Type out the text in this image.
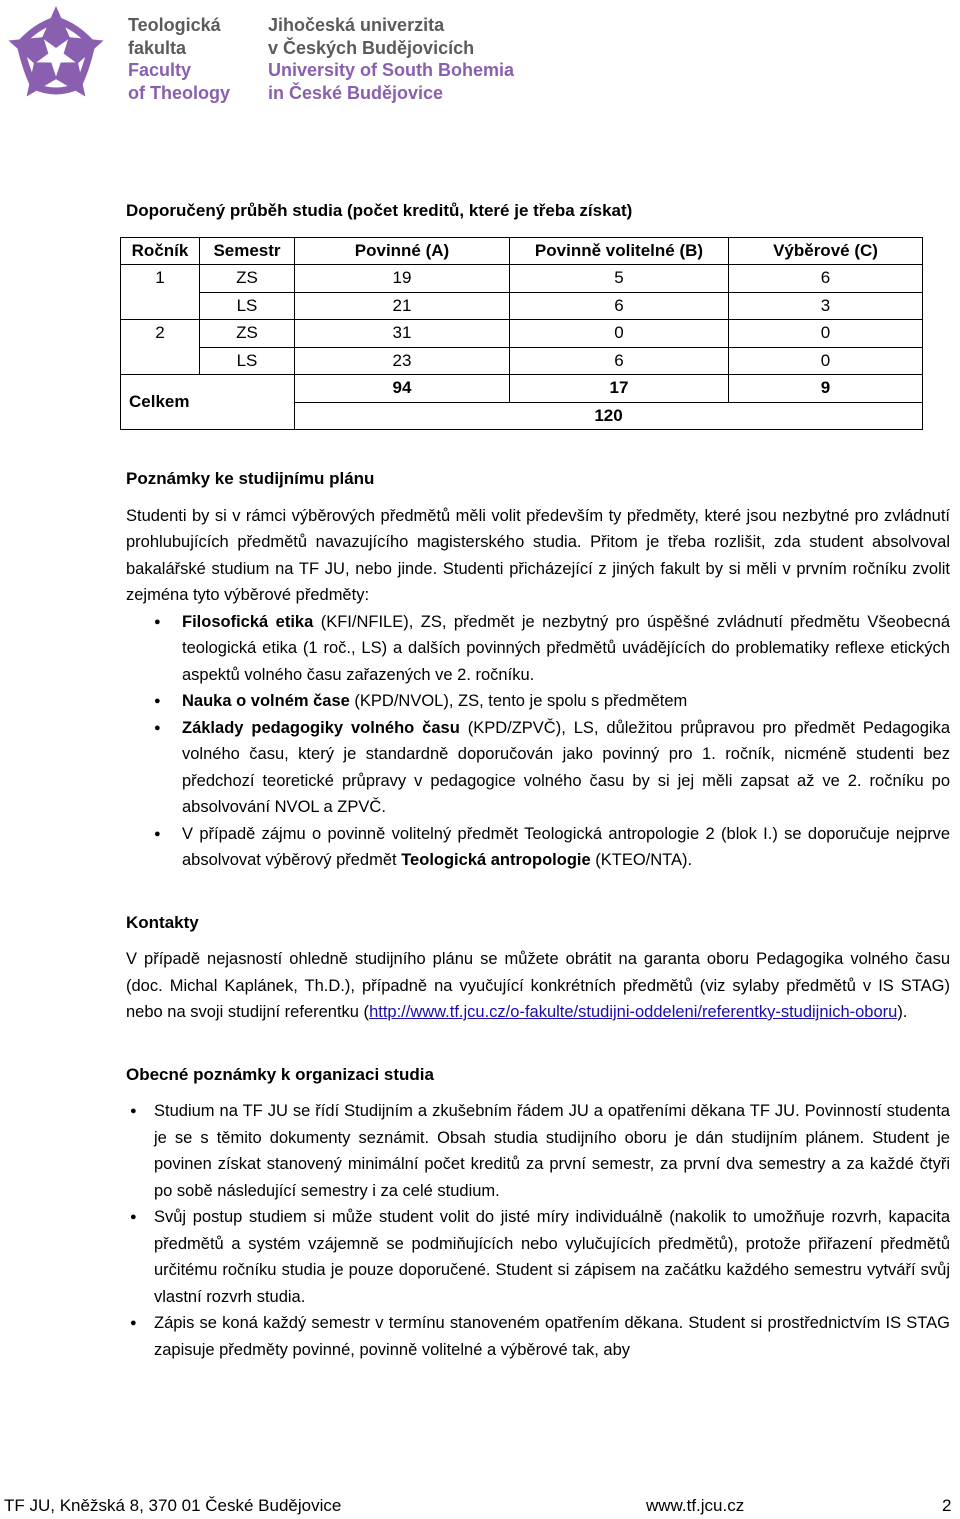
Teologická
fakulta
Faculty
of Theology
Jihočeská univerzita
v Českých Budějovicích
University of South Bohemia
in České Budějovice
Doporučený průběh studia (počet kreditů, které je třeba získat)
Ročník	Semestr	Povinné (A)	Povinně volitelné (B)	Výběrové (C)
1	ZS	19	5	6
	LS	21	6	3
2	ZS	31	0	0
	LS	23	6	0
Celkem		94	17	9
		120		
Poznámky ke studijnímu plánu
Studenti by si v rámci výběrových předmětů měli volit především ty předměty, které jsou nezbytné pro zvládnutí prohlubujících předmětů navazujícího magisterského studia. Přitom je třeba rozlišit, zda student absolvoval bakalářské studium na TF JU, nebo jinde. Studenti přicházející z jiných fakult by si měli v prvním ročníku zvolit zejména tyto výběrové předměty:
● Filosofická etika (KFI/NFILE), ZS, předmět je nezbytný pro úspěšné zvládnutí předmětu Všeobecná teologická etika (1 roč., LS) a dalších povinných předmětů uvádějících do problematiky reflexe etických aspektů volného času zařazených ve 2. ročníku.
● Nauka o volném čase (KPD/NVOL), ZS, tento je spolu s předmětem
● Základy pedagogiky volného času (KPD/ZPVČ), LS, důležitou průpravou pro předmět Pedagogika volného času, který je standardně doporučován jako povinný pro 1. ročník, nicméně studenti bez předchozí teoretické průpravy v pedagogice volného času by si jej měli zapsat až ve 2. ročníku po absolvování NVOL a ZPVČ.
● V případě zájmu o povinně volitelný předmět Teologická antropologie 2 (blok I.) se doporučuje nejprve absolvovat výběrový předmět Teologická antropologie (KTEO/NTA).
Kontakty
V případě nejasností ohledně studijního plánu se můžete obrátit na garanta oboru Pedagogika volného času (doc. Michal Kaplánek, Th.D.), případně na vyučující konkrétních předmětů (viz sylaby předmětů v IS STAG) nebo na svoji studijní referentku (http://www.tf.jcu.cz/o-fakulte/studijni-oddeleni/referentky-studijnich-oboru).
Obecné poznámky k organizaci studia
● Studium na TF JU se řídí Studijním a zkušebním řádem JU a opatřeními děkana TF JU. Povinností studenta je se s těmito dokumenty seznámit. Obsah studia studijního oboru je dán studijním plánem. Student je povinen získat stanovený minimální počet kreditů za první semestr, za první dva semestry a za každé čtyři po sobě následující semestry i za celé studium.
● Svůj postup studiem si může student volit do jisté míry individuálně (nakolik to umožňuje rozvrh, kapacita předmětů a systém vzájemně se podmiňujících nebo vylučujících předmětů), protože přiřazení předmětů určitému ročníku studia je pouze doporučené. Student si zápisem na začátku každého semestru vytváří svůj vlastní rozvrh studia.
● Zápis se koná každý semestr v termínu stanoveném opatřením děkana. Student si prostřednictvím IS STAG zapisuje předměty povinné, povinně volitelné a výběrové tak, aby
TF JU, Kněžská 8, 370 01 České Budějovice	www.tf.jcu.cz	2
